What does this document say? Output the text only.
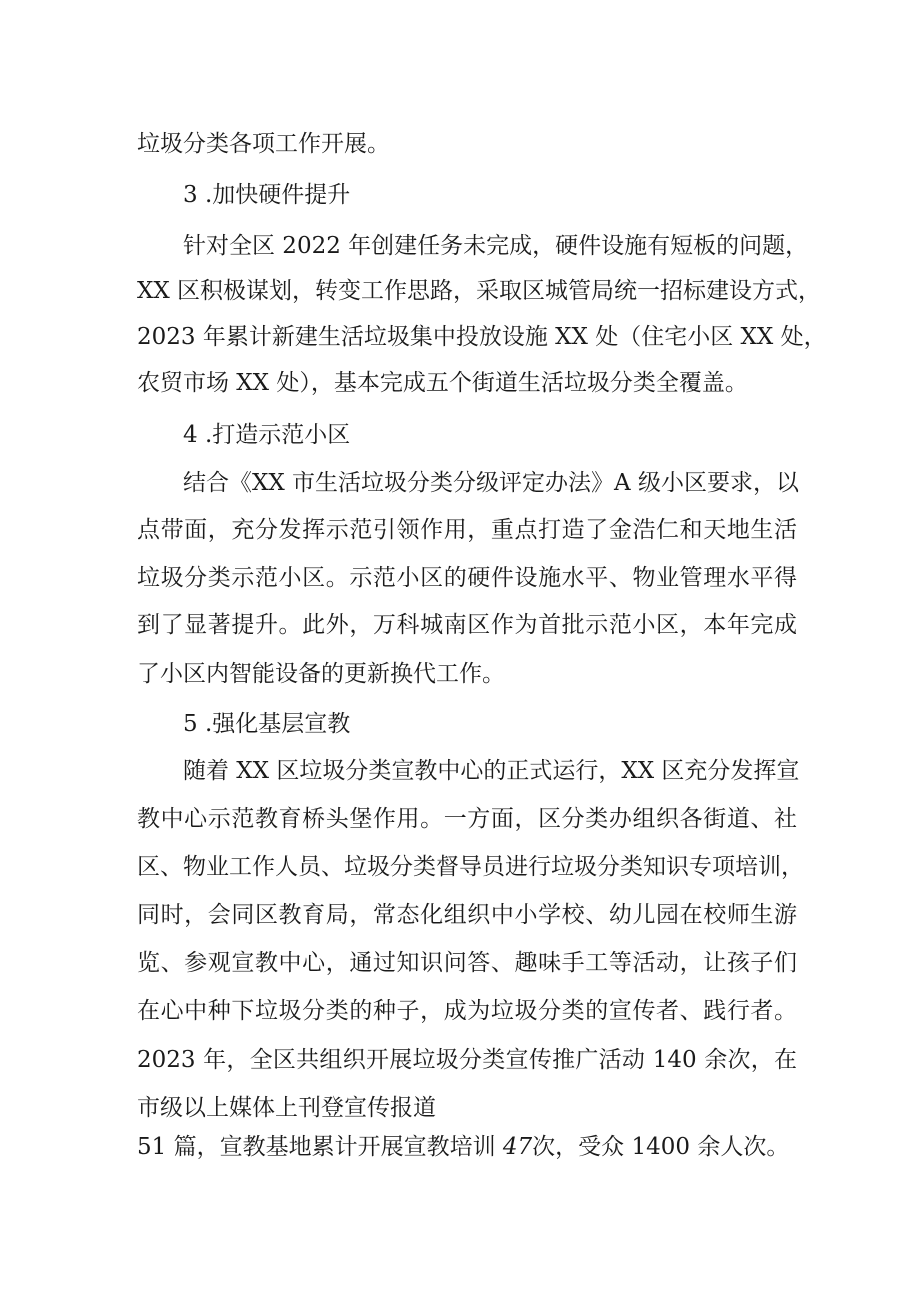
垃圾分类各项工作开展。
3 .加快硬件提升
针对全区 2022 年创建任务未完成，硬件设施有短板的问题，
XX 区积极谋划，转变工作思路，采取区城管局统一招标建设方式，
2023 年累计新建生活垃圾集中投放设施 XX 处（住宅小区 XX 处，
农贸市场 XX 处），基本完成五个街道生活垃圾分类全覆盖。
4 .打造示范小区
结合《XX 市生活垃圾分类分级评定办法》A 级小区要求，以
点带面，充分发挥示范引领作用，重点打造了金浩仁和天地生活
垃圾分类示范小区。示范小区的硬件设施水平、物业管理水平得
到了显著提升。此外，万科城南区作为首批示范小区，本年完成
了小区内智能设备的更新换代工作。
5 .强化基层宣教
随着 XX 区垃圾分类宣教中心的正式运行，XX 区充分发挥宣
教中心示范教育桥头堡作用。一方面，区分类办组织各街道、社
区、物业工作人员、垃圾分类督导员进行垃圾分类知识专项培训，
同时，会同区教育局，常态化组织中小学校、幼儿园在校师生游
览、参观宣教中心，通过知识问答、趣味手工等活动，让孩子们
在心中种下垃圾分类的种子，成为垃圾分类的宣传者、践行者。
2023 年，全区共组织开展垃圾分类宣传推广活动 140 余次，在
市级以上媒体上刊登宣传报道
51 篇，宣教基地累计开展宣教培训 47次，受众 1400 余人次。
